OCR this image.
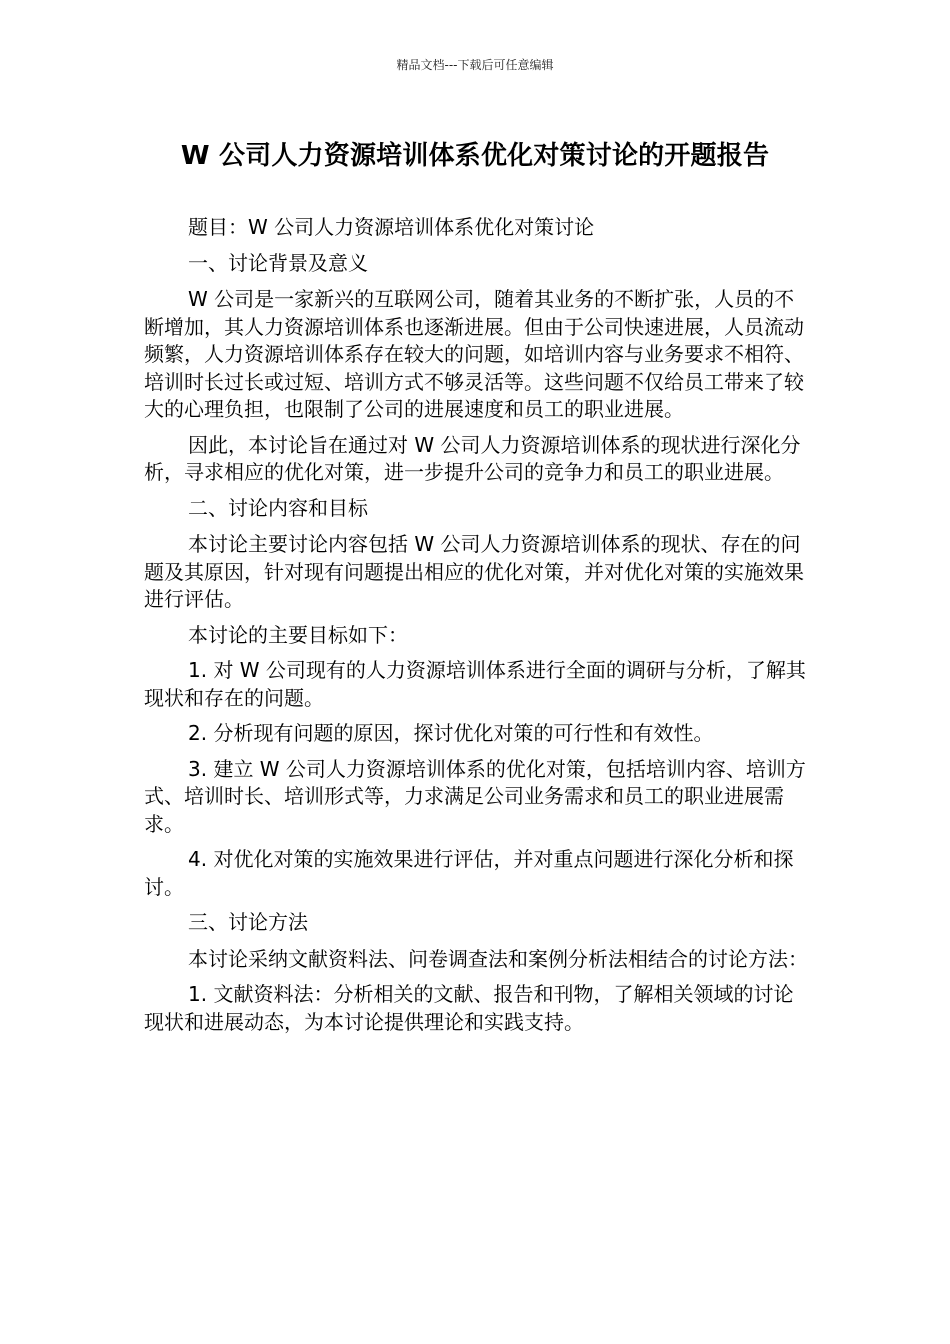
精品文档---下载后可任意编辑
W 公司人力资源培训体系优化对策讨论的开题报告

题目：W 公司人力资源培训体系优化对策讨论

一、讨论背景及意义

W 公司是一家新兴的互联网公司，随着其业务的不断扩张，人员的不断增加，其人力资源培训体系也逐渐进展。但由于公司快速进展，人员流动频繁，人力资源培训体系存在较大的问题，如培训内容与业务要求不相符、培训时长过长或过短、培训方式不够灵活等。这些问题不仅给员工带来了较大的心理负担，也限制了公司的进展速度和员工的职业进展。

因此，本讨论旨在通过对 W 公司人力资源培训体系的现状进行深化分析，寻求相应的优化对策，进一步提升公司的竞争力和员工的职业进展。

二、讨论内容和目标

本讨论主要讨论内容包括 W 公司人力资源培训体系的现状、存在的问题及其原因，针对现有问题提出相应的优化对策，并对优化对策的实施效果进行评估。

本讨论的主要目标如下：

1. 对 W 公司现有的人力资源培训体系进行全面的调研与分析，了解其现状和存在的问题。

2. 分析现有问题的原因，探讨优化对策的可行性和有效性。

3. 建立 W 公司人力资源培训体系的优化对策，包括培训内容、培训方式、培训时长、培训形式等，力求满足公司业务需求和员工的职业进展需求。

4. 对优化对策的实施效果进行评估，并对重点问题进行深化分析和探讨。

三、讨论方法

本讨论采纳文献资料法、问卷调查法和案例分析法相结合的讨论方法：

1. 文献资料法：分析相关的文献、报告和刊物，了解相关领域的讨论现状和进展动态，为本讨论提供理论和实践支持。
